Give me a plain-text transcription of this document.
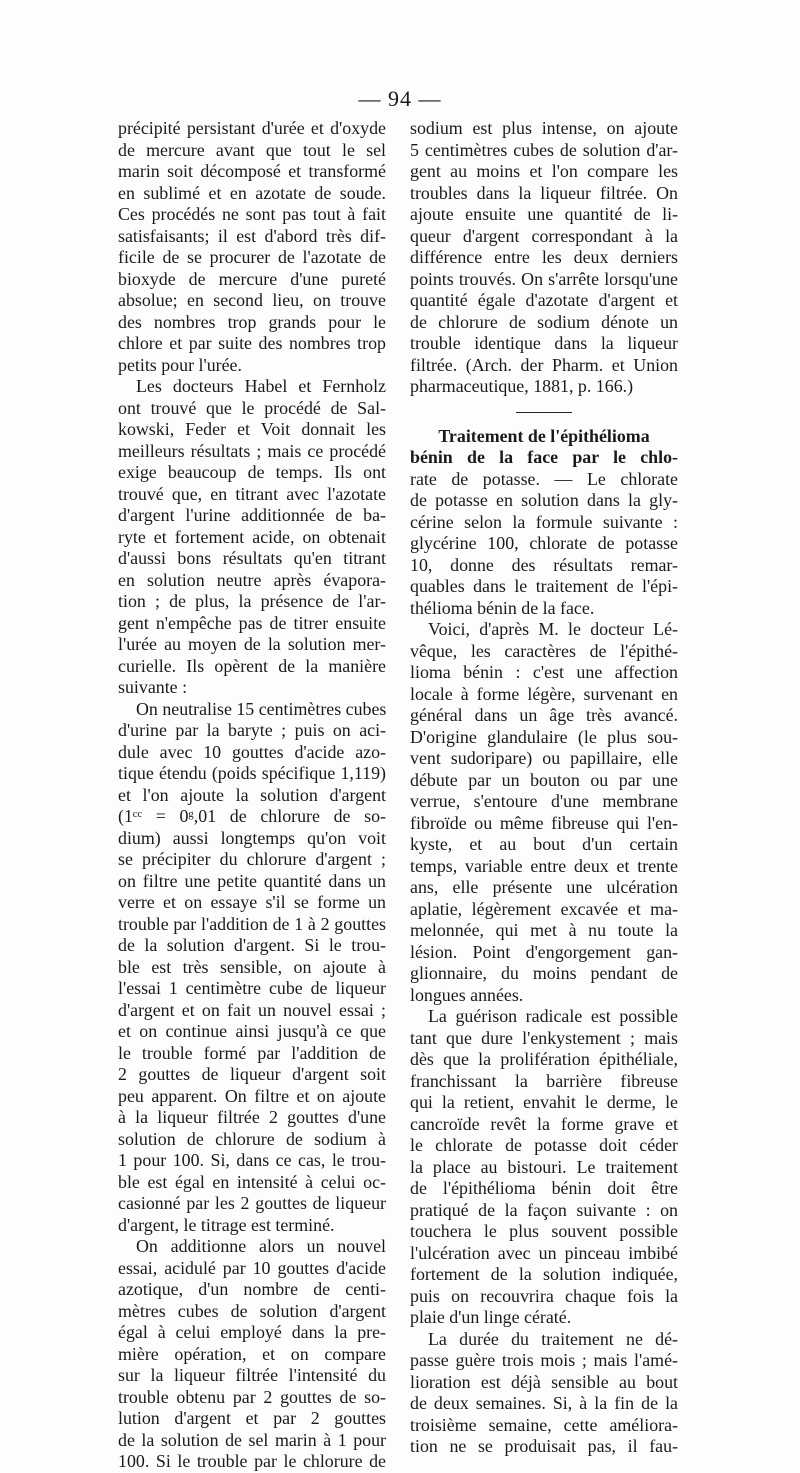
— 94 —
précipité persistant d'urée et d'oxyde
de mercure avant que tout le sel
marin soit décomposé et transformé
en sublimé et en azotate de soude.
Ces procédés ne sont pas tout à fait
satisfaisants; il est d'abord très dif-
ficile de se procurer de l'azotate de
bioxyde de mercure d'une pureté
absolue; en second lieu, on trouve
des nombres trop grands pour le
chlore et par suite des nombres trop
petits pour l'urée.
Les docteurs Habel et Fernholz
ont trouvé que le procédé de Sal-
kowski, Feder et Voit donnait les
meilleurs résultats ; mais ce procédé
exige beaucoup de temps. Ils ont
trouvé que, en titrant avec l'azotate
d'argent l'urine additionnée de ba-
ryte et fortement acide, on obtenait
d'aussi bons résultats qu'en titrant
en solution neutre après évapora-
tion ; de plus, la présence de l'ar-
gent n'empêche pas de titrer ensuite
l'urée au moyen de la solution mer-
curielle. Ils opèrent de la manière
suivante :
On neutralise 15 centimètres cubes
d'urine par la baryte ; puis on aci-
dule avec 10 gouttes d'acide azo-
tique étendu (poids spécifique 1,119)
et l'on ajoute la solution d'argent
(1ᶜᶜ = 0ᵍ,01 de chlorure de so-
dium) aussi longtemps qu'on voit
se précipiter du chlorure d'argent ;
on filtre une petite quantité dans un
verre et on essaye s'il se forme un
trouble par l'addition de 1 à 2 gouttes
de la solution d'argent. Si le trou-
ble est très sensible, on ajoute à
l'essai 1 centimètre cube de liqueur
d'argent et on fait un nouvel essai ;
et on continue ainsi jusqu'à ce que
le trouble formé par l'addition de
2 gouttes de liqueur d'argent soit
peu apparent. On filtre et on ajoute
à la liqueur filtrée 2 gouttes d'une
solution de chlorure de sodium à
1 pour 100. Si, dans ce cas, le trou-
ble est égal en intensité à celui oc-
casionné par les 2 gouttes de liqueur
d'argent, le titrage est terminé.
On additionne alors un nouvel
essai, acidulé par 10 gouttes d'acide
azotique, d'un nombre de centi-
mètres cubes de solution d'argent
égal à celui employé dans la pre-
mière opération, et on compare
sur la liqueur filtrée l'intensité du
trouble obtenu par 2 gouttes de so-
lution d'argent et par 2 gouttes
de la solution de sel marin à 1 pour
100. Si le trouble par le chlorure de
sodium est plus intense, on ajoute
5 centimètres cubes de solution d'ar-
gent au moins et l'on compare les
troubles dans la liqueur filtrée. On
ajoute ensuite une quantité de li-
queur d'argent correspondant à la
différence entre les deux derniers
points trouvés. On s'arrête lorsqu'une
quantité égale d'azotate d'argent et
de chlorure de sodium dénote un
trouble identique dans la liqueur
filtrée. (Arch. der Pharm. et Union
pharmaceutique, 1881, p. 166.)
Traitement de l'épithélioma
bénin de la face par le chlo-
rate de potasse. — Le chlorate
de potasse en solution dans la gly-
cérine selon la formule suivante :
glycérine 100, chlorate de potasse
10, donne des résultats remar-
quables dans le traitement de l'épi-
thélioma bénin de la face.
Voici, d'après M. le docteur Lé-
vêque, les caractères de l'épithé-
lioma bénin : c'est une affection
locale à forme légère, survenant en
général dans un âge très avancé.
D'origine glandulaire (le plus sou-
vent sudoripare) ou papillaire, elle
débute par un bouton ou par une
verrue, s'entoure d'une membrane
fibroïde ou même fibreuse qui l'en-
kyste, et au bout d'un certain
temps, variable entre deux et trente
ans, elle présente une ulcération
aplatie, légèrement excavée et ma-
melonnée, qui met à nu toute la
lésion. Point d'engorgement gan-
glionnaire, du moins pendant de
longues années.
La guérison radicale est possible
tant que dure l'enkystement ; mais
dès que la prolifération épithéliale,
franchissant la barrière fibreuse
qui la retient, envahit le derme, le
cancroïde revêt la forme grave et
le chlorate de potasse doit céder
la place au bistouri. Le traitement
de l'épithélioma bénin doit être
pratiqué de la façon suivante : on
touchera le plus souvent possible
l'ulcération avec un pinceau imbibé
fortement de la solution indiquée,
puis on recouvrira chaque fois la
plaie d'un linge cératé.
La durée du traitement ne dé-
passe guère trois mois ; mais l'amé-
lioration est déjà sensible au bout
de deux semaines. Si, à la fin de la
troisième semaine, cette améliora-
tion ne se produisait pas, il fau-
